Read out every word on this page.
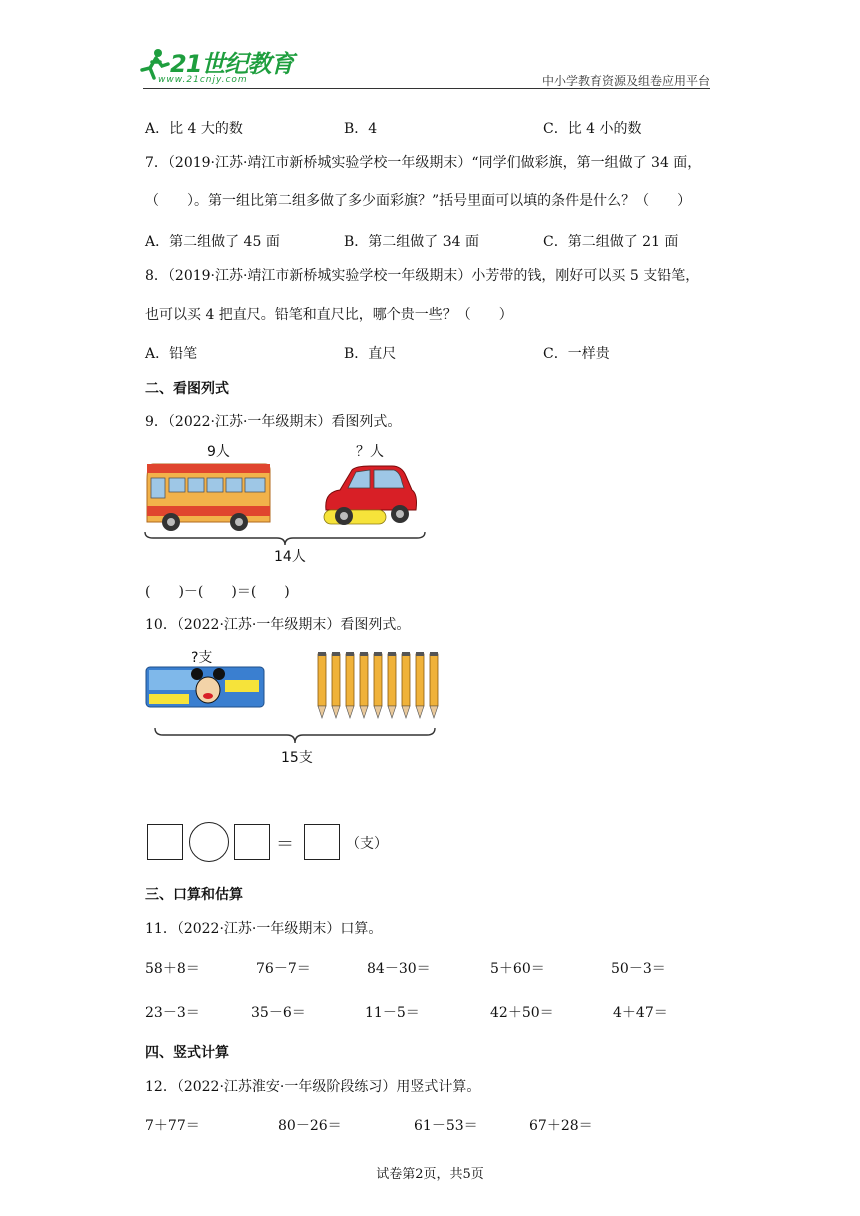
21世纪教育
www.21cnjy.com	中小学教育资源及组卷应用平台
A．比 4 大的数	B．4	C．比 4 小的数
7．（2019·江苏·靖江市新桥城实验学校一年级期末）“同学们做彩旗，第一组做了 34 面，
（　　）。第一组比第二组多做了多少面彩旗？”括号里面可以填的条件是什么？（　　）
A．第二组做了 45 面	B．第二组做了 34 面	C．第二组做了 21 面
8．（2019·江苏·靖江市新桥城实验学校一年级期末）小芳带的钱，刚好可以买 5 支铅笔，
也可以买 4 把直尺。铅笔和直尺比，哪个贵一些？（　　）
A．铅笔	B．直尺	C．一样贵
二、看图列式
9．（2022·江苏·一年级期末）看图列式。
9人	？人
14人
(　　)－(　　)＝(　　)
10．（2022·江苏·一年级期末）看图列式。
?支
15支
＝	（支）
三、口算和估算
11．（2022·江苏·一年级期末）口算。
58＋8＝	76－7＝	84－30＝	5＋60＝	50－3＝
23－3＝	35－6＝	11－5＝	42＋50＝	4＋47＝
四、竖式计算
12．（2022·江苏淮安·一年级阶段练习）用竖式计算。
7＋77＝	80－26＝	61－53＝	67＋28＝
试卷第2页，共5页
